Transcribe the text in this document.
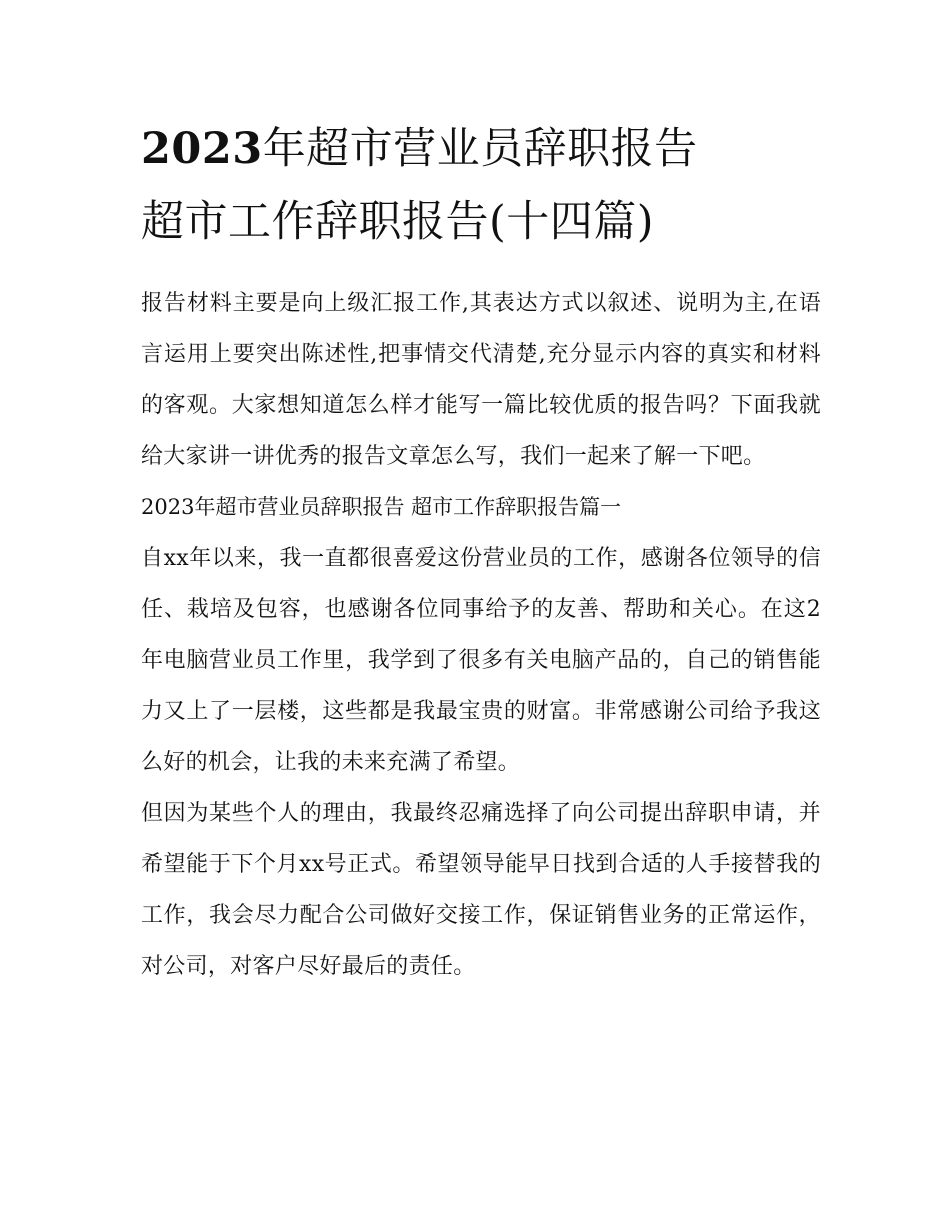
2023年超市营业员辞职报告
超市工作辞职报告(十四篇)

报告材料主要是向上级汇报工作,其表达方式以叙述、说明为主,在语言运用上要突出陈述性,把事情交代清楚,充分显示内容的真实和材料的客观。大家想知道怎么样才能写一篇比较优质的报告吗？下面我就给大家讲一讲优秀的报告文章怎么写，我们一起来了解一下吧。

2023年超市营业员辞职报告 超市工作辞职报告篇一

自xx年以来，我一直都很喜爱这份营业员的工作，感谢各位领导的信任、栽培及包容，也感谢各位同事给予的友善、帮助和关心。在这2年电脑营业员工作里，我学到了很多有关电脑产品的，自己的销售能力又上了一层楼，这些都是我最宝贵的财富。非常感谢公司给予我这么好的机会，让我的未来充满了希望。

但因为某些个人的理由，我最终忍痛选择了向公司提出辞职申请，并希望能于下个月xx号正式。希望领导能早日找到合适的人手接替我的工作，我会尽力配合公司做好交接工作，保证销售业务的正常运作，对公司，对客户尽好最后的责任。
